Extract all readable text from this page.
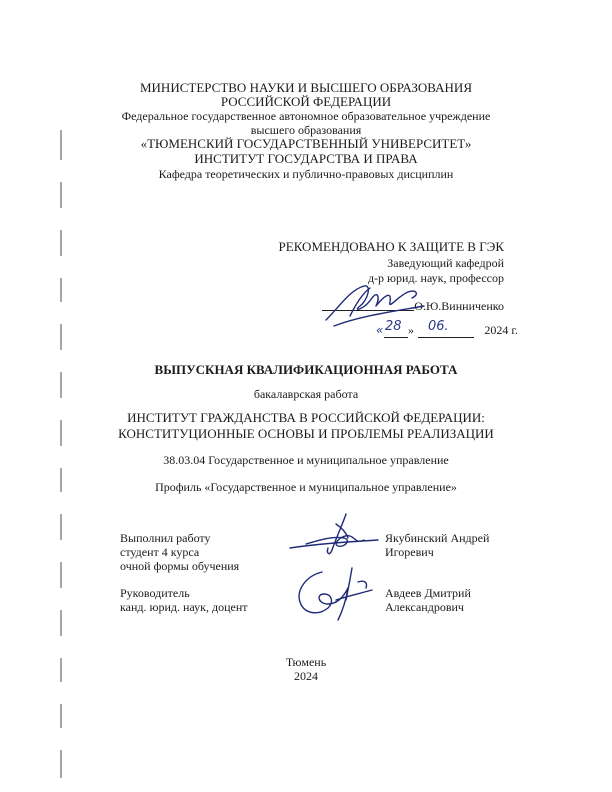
МИНИСТЕРСТВО НАУКИ И ВЫСШЕГО ОБРАЗОВАНИЯ
РОССИЙСКОЙ ФЕДЕРАЦИИ
Федеральное государственное автономное образовательное учреждение
высшего образования
«ТЮМЕНСКИЙ ГОСУДАРСТВЕННЫЙ УНИВЕРСИТЕТ»
ИНСТИТУТ ГОСУДАРСТВА И ПРАВА
Кафедра теоретических и публично-правовых дисциплин
РЕКОМЕНДОВАНО К ЗАЩИТЕ В ГЭК
Заведующий кафедрой
д-р юрид. наук, профессор
О.Ю.Винниченко
« 28 » 06.	2024 г.
ВЫПУСКНАЯ КВАЛИФИКАЦИОННАЯ РАБОТА
бакалаврская работа
ИНСТИТУТ ГРАЖДАНСТВА В РОССИЙСКОЙ ФЕДЕРАЦИИ:
КОНСТИТУЦИОННЫЕ ОСНОВЫ И ПРОБЛЕМЫ РЕАЛИЗАЦИИ
38.03.04 Государственное и муниципальное управление
Профиль «Государственное и муниципальное управление»
Выполнил работу
студент 4 курса
очной формы обучения
Якубинский Андрей
Игоревич
Руководитель
канд. юрид. наук, доцент
Авдеев Дмитрий
Александрович
Тюмень
2024
